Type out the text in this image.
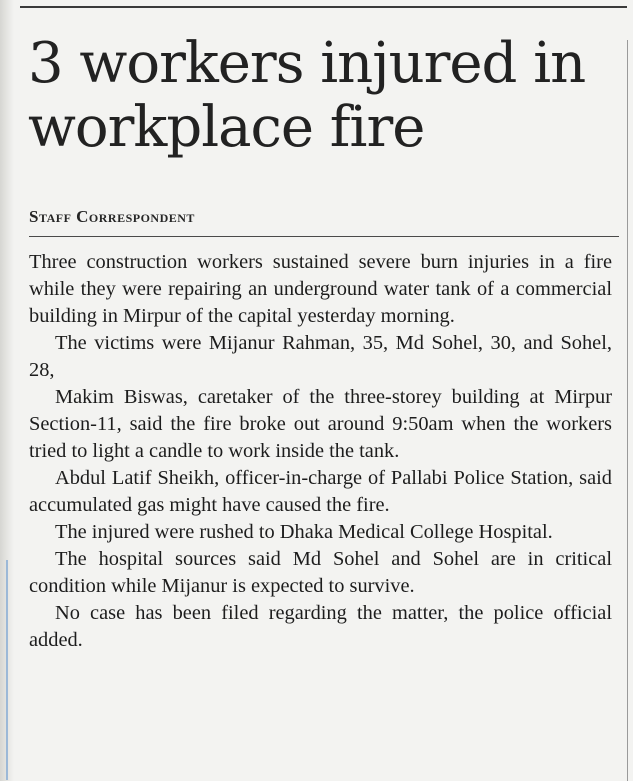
3 workers injured in workplace fire
Staff Correspondent

Three construction workers sustained severe burn injuries in a fire while they were repairing an underground water tank of a commercial building in Mirpur of the capital yesterday morning.

The victims were Mijanur Rahman, 35, Md Sohel, 30, and Sohel, 28,

Makim Biswas, caretaker of the three-storey building at Mirpur Section-11, said the fire broke out around 9:50am when the workers tried to light a candle to work inside the tank.

Abdul Latif Sheikh, officer-in-charge of Pallabi Police Station, said accumulated gas might have caused the fire.

The injured were rushed to Dhaka Medical College Hospital.

The hospital sources said Md Sohel and Sohel are in critical condition while Mijanur is expected to survive.

No case has been filed regarding the matter, the police official added.
